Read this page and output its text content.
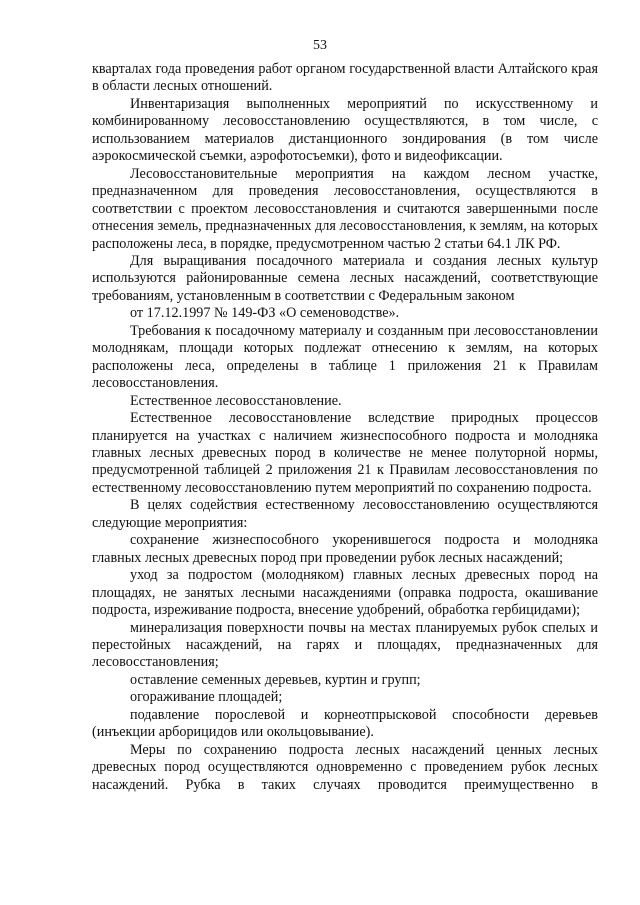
53

кварталах года проведения работ органом государственной власти Алтайского края в области лесных отношений.

Инвентаризация выполненных мероприятий по искусственному и комбинированному лесовосстановлению осуществляются, в том числе, с использованием материалов дистанционного зондирования (в том числе аэрокосмической съемки, аэрофотосъемки), фото и видеофиксации.

Лесовосстановительные мероприятия на каждом лесном участке, предназначенном для проведения лесовосстановления, осуществляются в соответствии с проектом лесовосстановления и считаются завершенными после отнесения земель, предназначенных для лесовосстановления, к землям, на которых расположены леса, в порядке, предусмотренном частью 2 статьи 64.1 ЛК РФ.

Для выращивания посадочного материала и создания лесных культур используются районированные семена лесных насаждений, соответствующие требованиям, установленным в соответствии с Федеральным законом

от 17.12.1997 № 149-ФЗ «О семеноводстве».

Требования к посадочному материалу и созданным при лесовосстановлении молоднякам, площади которых подлежат отнесению к землям, на которых расположены леса, определены в таблице 1 приложения 21 к Правилам лесовосстановления.

Естественное лесовосстановление.

Естественное лесовосстановление вследствие природных процессов планируется на участках с наличием жизнеспособного подроста и молодняка главных лесных древесных пород в количестве не менее полуторной нормы, предусмотренной таблицей 2 приложения 21 к Правилам лесовосстановления по естественному лесовосстановлению путем мероприятий по сохранению подроста.

В целях содействия естественному лесовосстановлению осуществляются следующие мероприятия:

сохранение жизнеспособного укоренившегося подроста и молодняка главных лесных древесных пород при проведении рубок лесных насаждений;

уход за подростом (молодняком) главных лесных древесных пород на площадях, не занятых лесными насаждениями (оправка подроста, окашивание подроста, изреживание подроста, внесение удобрений, обработка гербицидами);

минерализация поверхности почвы на местах планируемых рубок спелых и перестойных насаждений, на гарях и площадях, предназначенных для лесовосстановления;

оставление семенных деревьев, куртин и групп;

огораживание площадей;

подавление порослевой и корнеотпрысковой способности деревьев (инъекции арборицидов или окольцовывание).

Меры по сохранению подроста лесных насаждений ценных лесных древесных пород осуществляются одновременно с проведением рубок лесных насаждений. Рубка в таких случаях проводится преимущественно в
